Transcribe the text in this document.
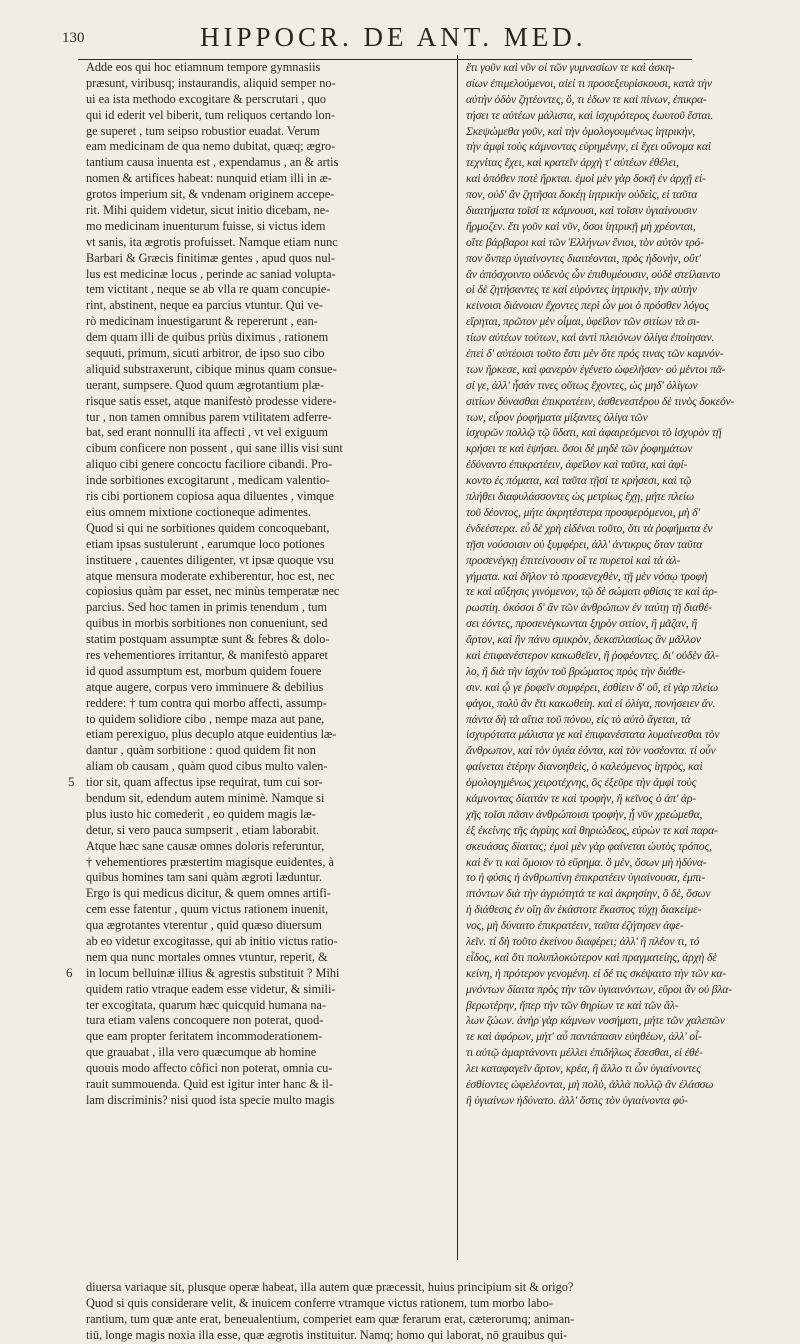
130	HIPPOCR. DE ANT. MED.
Adde eos qui hoc etiamnum tempore gymnasiis
præsunt, viribusq; instaurandis, aliquid semper no-
ui ea ista methodo excogitare & perscrutari , quo
qui id ederit vel biberit, tum reliquos certando lon-
ge superet , tum seipso robustior euadat. Verum
eam medicinam de qua nemo dubitat, quæq; ægro-
tantium causa inuenta est , expendamus , an & artis
nomen & artifices habeat: nunquid etiam illi in æ-
grotos imperium sit, & vndenam originem accepe-
rit. Mihi quidem videtur, sicut initio dicebam, ne-
mo medicinam inuenturum fuisse, si victus idem
vt sanis, ita ægrotis profuisset. Namque etiam nunc
Barbari & Græcis finitimæ gentes , apud quos nul-
lus est medicinæ locus , perinde ac saniad volupta-
tem victitant , neque se ab vlla re quam concupie-
rint, abstinent, neque ea parcius vtuntur. Qui ve-
rò medicinam inuestigarunt & repererunt , ean-
dem quam illi de quibus priùs diximus , rationem
sequuti, primum, sicuti arbitror, de ipso suo cibo
aliquid substraxerunt, cibique minus quam consue-
uerant, sumpsere. Quod quum ægrotantium plæ-
risque satis esset, atque manifestò prodesse videre-
tur , non tamen omnibus parem vtilitatem adferre-
bat, sed erant nonnulli ita affecti , vt vel exiguum
cibum conficere non possent , qui sane illis visi sunt
aliquo cibi genere concoctu faciliore cibandi. Pro-
inde sorbitiones excogitarunt , medicam valentio-
ris cibi portionem copiosa aqua diluentes , vimque
eius omnem mixtione coctioneque adimentes.
Quod si qui ne sorbitiones quidem concoquebant,
etiam ipsas sustulerunt , earumque loco potiones
instituere , cauentes diligenter, vt ipsæ quoque vsu
atque mensura moderate exhiberentur, hoc est, nec
copiosius quàm par esset, nec minùs temperatæ nec
parcius. Sed hoc tamen in primis tenendum , tum
quibus in morbis sorbitiones non conueniunt, sed
statim postquam assumptæ sunt & febres & dolo-
res vehementiores irritantur, & manifestò apparet
id quod assumptum est, morbum quidem fouere
atque augere, corpus vero imminuere & debilius
reddere: † tum contra qui morbo affecti, assump-
to quidem solidiore cibo , nempe maza aut pane,
etiam perexiguo, plus decuplo atque euidentius læ-
dantur , quàm sorbitione : quod quidem fit non
aliam ob causam , quàm quod cibus multo valen-
tior sit, quam affectus ipse requirat, tum cui sor-
bendum sit, edendum autem minimè. Namque si
plus iusto hic comederit , eo quidem magis læ-
detur, si vero pauca sumpserit , etiam laborabit.
Atque hæc sane causæ omnes doloris referuntur,
† vehementiores præstertim magisque euidentes, à
quibus homines tam sani quàm ægroti læduntur.
Ergo is qui medicus dicitur, & quem omnes artifi-
cem esse fatentur , quum victus rationem inuenit,
qua ægrotantes vterentur , quid quæso diuersum
ab eo videtur excogitasse, qui ab initio victus ratio-
nem qua nunc mortales omnes vtuntur, reperit, &
in locum belluinæ illius & agrestis substituit ? Mihi
quidem ratio vtraque eadem esse videtur, & simili-
ter excogitata, quarum hæc quicquid humana na-
tura etiam valens concoquere non poterat, quod-
que eam propter feritatem incommoderationem-
que grauabat , illa vero quæcumque ab homine
quouis modo affecto côfici non poterat, omnia cu-
rauit summouenda. Quid est igitur inter hanc & il-
lam discriminis? nisi quod ista specie multo magis
ἔτι γοῦν καὶ νῦν οἱ τῶν γυμνασίων τε καὶ ἀσκη-
σίων ἐπιμελούμενοι, αἰεί τι προσεξευρίσκουσι, κατὰ τὴν
αὐτὴν ὁδὸν ζητέοντες, ὅ, τι ἐδων τε καὶ πίνων, ἐπικρα-
τήσει τε αὐτέων μάλιστα, καὶ ἰσχυρότερος ἑωυτοῦ ἔσται.
Σκεψώμεθα γοῦν, καὶ τὴν ὁμολογουμένως ἰητρικὴν,
τὴν ἀμφὶ τοὺς κάμνοντας εὑρημένην, εἰ ἔχει οὔνομα καὶ
τεχνίτας ἔχει, καὶ κρατεῖν ἀρχὴ τ' αὐτέων ἐθέλει,
καὶ ὁπόθεν ποτὲ ἤρκται. ἐμοὶ μὲν γὰρ δοκῆ ἐν ἀρχῇ εἰ-
πον, οὐδ' ἂν ζητῆσαι δοκέῃ ἰητρικὴν οὐδεὶς, εἰ ταῦτα
διαιτήματα τοῖσί τε κάμνουσι, καὶ τοῖσιν ὑγιαίνουσιν
ἥρμοζεν. ἔτι γοῦν καὶ νῦν, ὅσοι ἰητρικῇ μὴ χρέονται,
οἵτε βάρβαροι καὶ τῶν Ἑλλήνων ἔνιοι, τὸν αὐτὸν τρό-
πον ὅνπερ ὑγιαίνοντες διαιτέονται, πρὸς ἡδονὴν, οὔτ'
ἂν ἀπόσχοιντο οὐδενὸς ὧν ἐπιθυμέουσιν, οὐδὲ στείλαιντο
οἱ δὲ ζητήσαντες τε καὶ εὑρόντες ἰητρικὴν, τὴν αὐτὴν
κείνοισι διάνοιαν ἔχοντες περὶ ὧν μοι ὁ πρόσθεν λόγος
εἴρηται, πρῶτον μὲν οἶμαι, ὑφεῖλον τῶν σιτίων τὰ σι-
τίων αὐτέων τούτων, καὶ ἀντὶ πλειόνων ὀλίγα ἐποίησαν.
ἐπεὶ δ' αὐτέοισι τοῦτο ἔστι μὲν ὅτε πρός τινας τῶν καμνόν-
των ἤρκεσε, καὶ φανερὸν ἐγένετο ὠφελῆσαν· οὐ μέντοι πᾶ-
σί γε, ἀλλ' ἦσάν τινες οὕτως ἔχοντες, ὡς μηδ' ὀλίγων
σιτίων δύνασθαι ἐπικρατέειν, ἀσθενεστέρου δὲ τινὸς δοκεόν-
των, εὗρον ῥοφήματα μίξαντες ὀλίγα τῶν
ἰσχυρῶν πολλῷ τῷ ὕδατι, καὶ ἀφαιρεόμενοι τὸ ἰσχυρὸν τῇ
κρήσει τε καὶ ἑψήσει. ὅσοι δὲ μηδὲ τῶν ῥοφημάτων
ἐδύναντο ἐπικρατέειν, ἀφεῖλον καὶ ταῦτα, καὶ ἀφί-
κοντο ἐς πόματα, καὶ ταῦτα τῇσί τε κρήσεσι, καὶ τῷ
πλήθει διαφυλάσσοντες ὡς μετρίως ἔχῃ, μήτε πλείω
τοῦ δέοντος, μήτε ἀκρητέστερα προσφερόμενοι, μὴ δ'
ἐνδεέστερα. εὖ δὲ χρὴ εἰδέναι τοῦτο, ὅτι τὰ ῥοφήματα ἐν
τῇσι νούσοισιν οὐ ξυμφέρει, ἀλλ' ἀντικρυς ὅταν ταῦτα
προσενέγκῃ ἐπιτείνουσιν οἵ τε πυρετοὶ καὶ τὰ ἀλ-
γήματα. καὶ δῆλον τὸ προσενεχθὲν, τῇ μὲν νόσῳ τροφὴ
τε καὶ αὔξησις γινόμενον, τῷ δὲ σώματι φθίσις τε καὶ ἀρ-
ρωστίη. ὁκόσοι δ' ἂν τῶν ἀνθρώπων ἐν ταύτῃ τῇ διαθέ-
σει ἐόντες, προσενέγκωνται ξηρὸν σιτίον, ἢ μᾶζαν, ἢ
ἄρτον, καὶ ἢν πάνυ σμικρὸν, δεκαπλασίως ἂν μᾶλλον
καὶ ἐπιφανέστερον κακωθεῖεν, ἢ ῥοφέοντες. δι' οὐδὲν ἄλ-
λο, ἢ διὰ τὴν ἰσχὺν τοῦ βρώματος πρὸς τὴν διάθε-
σιν. καὶ ᾧ γε ῥοφεῖν συμφέρει, ἐσθίειν δ' οὔ, εἰ γὰρ πλείω
φάγοι, πολὺ ἂν ἔτι κακωθείη. καὶ εἰ ὀλίγα, πονήσειεν ἄν.
πάντα δὴ τὰ αἴτια τοῦ πόνου, εἰς τὸ αὐτὸ ἄγεται, τὰ
ἰσχυρότατα μάλιστα γε καὶ ἐπιφανέστατα λυμαίνεσθαι τὸν
ἄνθρωπον, καὶ τὸν ὑγιέα ἐόντα, καὶ τὸν νοσέοντα. τί οὖν
φαίνεται ἑτέρην διανοηθεὶς, ὁ καλεόμενος ἰητρὸς, καὶ
ὁμολογημένως χειροτέχνης, ὃς ἐξεῦρε τὴν ἀμφὶ τοὺς
κάμνοντας δίαιτάν τε καὶ τροφὴν, ἢ κεῖνος ὁ ἀπ' ἀρ-
χῆς τοῖσι πᾶσιν ἀνθρώποισι τροφὴν, ᾗ νῦν χρεώμεθα,
ἐξ ἐκείνης τῆς ἀγρίης καὶ θηριώδεος, εὑρὼν τε καὶ παρα-
σκευάσας δίαιτας; ἐμοὶ μὲν γὰρ φαίνεται ὡυτὸς τρόπος,
καὶ ἕν τι καὶ ὅμοιον τὸ εὕρημα. ὃ μὲν, ὅσων μὴ ἠδύνα-
το ἡ φύσις ἡ ἀνθρωπίνη ἐπικρατέειν ὑγιαίνουσα, ἐμπι-
πτόντων διὰ τὴν ἀγριότητά τε καὶ ἀκρησίην, ὃ δὲ, ὅσων
ἡ διάθεσις ἐν οἵῃ ἂν ἑκάστοτε ἕκαστος τύχῃ διακείμε-
νος, μὴ δύναιτο ἐπικρατέειν, ταῦτα ἐζήτησεν ἀφε-
λεῖν. τί δὴ τοῦτο ἐκείνου διαφέρει; ἀλλ' ἢ πλέον τι, τό
εἶδος, καὶ ὅτι πολυπλοκώτερον καὶ πραγματείης, ἀρχὴ δὲ
κείνη, ἡ πρότερον γενομένη. εἰ δέ τις σκέψαιτο τὴν τῶν κα-
μνόντων δίαιτα πρὸς τὴν τῶν ὑγιαινόντων, εὕροι ἂν οὐ βλα-
βερωτέρην, ἤπερ τὴν τῶν θηρίων τε καὶ τῶν ἄλ-
λων ζώων. ἀνὴρ γὰρ κάμνων νοσήματι, μήτε τῶν χαλεπῶν
τε καὶ ἀφόρων, μήτ' αὖ παντάπασιν εὐηθέων, ἀλλ' οἷ-
τι αὐτῷ ἁμαρτάνοντι μέλλει ἐπιδήλως ἔσεσθαι, εἰ ἐθέ-
λει καταφαγεῖν ἄρτον, κρέα, ἢ ἄλλο τι ὧν ὑγιαίνοντες
ἐσθίοντες ὠφελέονται, μὴ πολὺ, ἀλλὰ πολλῷ ἂν ἐλάσσω
ἢ ὑγιαίνων ἠδύνατο. ἀλλ' ὅστις τὸν ὑγιαίνοντα φύ-
5
6
diuersa variaque sit, plusque operæ habeat, illa autem quæ præcessit, huius principium sit & origo?
Quod si quis considerare velit, & inuicem conferre vtramque victus rationem, tum morbo labo-
rantium, tum quæ ante erat, beneualentium, comperiet eam quæ ferarum erat, cæterorumq; animan-
tiū, longe magis noxia illa esse, quæ ægrotis instituitur. Namq; homo qui laborat, nō grauibus qui-
